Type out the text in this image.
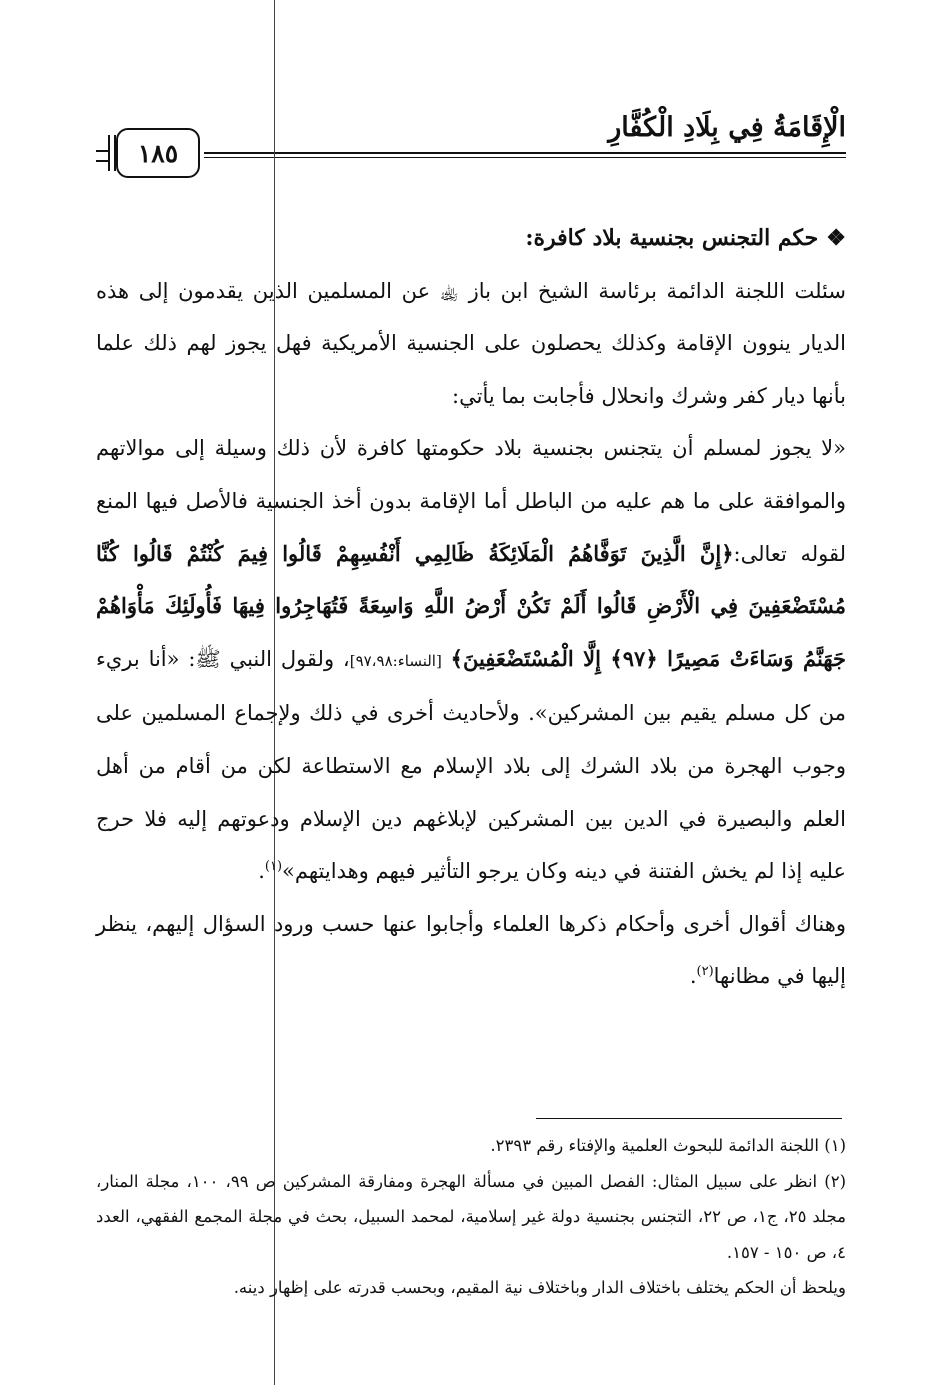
الْإِقَامَةُ فِي بِلَادِ الْكُفَّارِ
١٨٥

❖حكم التجنس بجنسية بلاد كافرة:

سئلت اللجنة الدائمة برئاسة الشيخ ابن باز ﵀ عن المسلمين الذين يقدمون إلى هذه الديار ينوون الإقامة وكذلك يحصلون على الجنسية الأمريكية فهل يجوز لهم ذلك علما بأنها ديار كفر وشرك وانحلال فأجابت بما يأتي:

«لا يجوز لمسلم أن يتجنس بجنسية بلاد حكومتها كافرة لأن ذلك وسيلة إلى موالاتهم والموافقة على ما هم عليه من الباطل أما الإقامة بدون أخذ الجنسية فالأصل فيها المنع لقوله تعالى:﴿إِنَّ الَّذِينَ تَوَفَّاهُمُ الْمَلَائِكَةُ ظَالِمِي أَنْفُسِهِمْ قَالُوا فِيمَ كُنْتُمْ قَالُوا كُنَّا مُسْتَضْعَفِينَ فِي الْأَرْضِ قَالُوا أَلَمْ تَكُنْ أَرْضُ اللَّهِ وَاسِعَةً فَتُهَاجِرُوا فِيهَا فَأُولَئِكَ مَأْوَاهُمْ جَهَنَّمُ وَسَاءَتْ مَصِيرًا ﴿٩٧﴾ إِلَّا الْمُسْتَضْعَفِينَ﴾ [النساء:٩٧،٩٨]، ولقول النبي ﷺ: «أنا بريء من كل مسلم يقيم بين المشركين». ولأحاديث أخرى في ذلك ولإجماع المسلمين على وجوب الهجرة من بلاد الشرك إلى بلاد الإسلام مع الاستطاعة لكن من أقام من أهل العلم والبصيرة في الدين بين المشركين لإبلاغهم دين الإسلام ودعوتهم إليه فلا حرج عليه إذا لم يخش الفتنة في دينه وكان يرجو التأثير فيهم وهدايتهم»$^{(١)}$.

وهناك أقوال أخرى وأحكام ذكرها العلماء وأجابوا عنها حسب ورود السؤال إليهم، ينظر إليها في مظانها$^{(٢)}$.

(١) اللجنة الدائمة للبحوث العلمية والإفتاء رقم ٢٣٩٣.

(٢) انظر على سبيل المثال: الفصل المبين في مسألة الهجرة ومفارقة المشركين ص ٩٩، ١٠٠، مجلة المنار، مجلد ٢٥، ج١، ص ٢٢، التجنس بجنسية دولة غير إسلامية، لمحمد السبيل، بحث في مجلة المجمع الفقهي، العدد ٤، ص ١٥٠ - ١٥٧.

ويلحظ أن الحكم يختلف باختلاف الدار وباختلاف نية المقيم، وبحسب قدرته على إظهار دينه.
